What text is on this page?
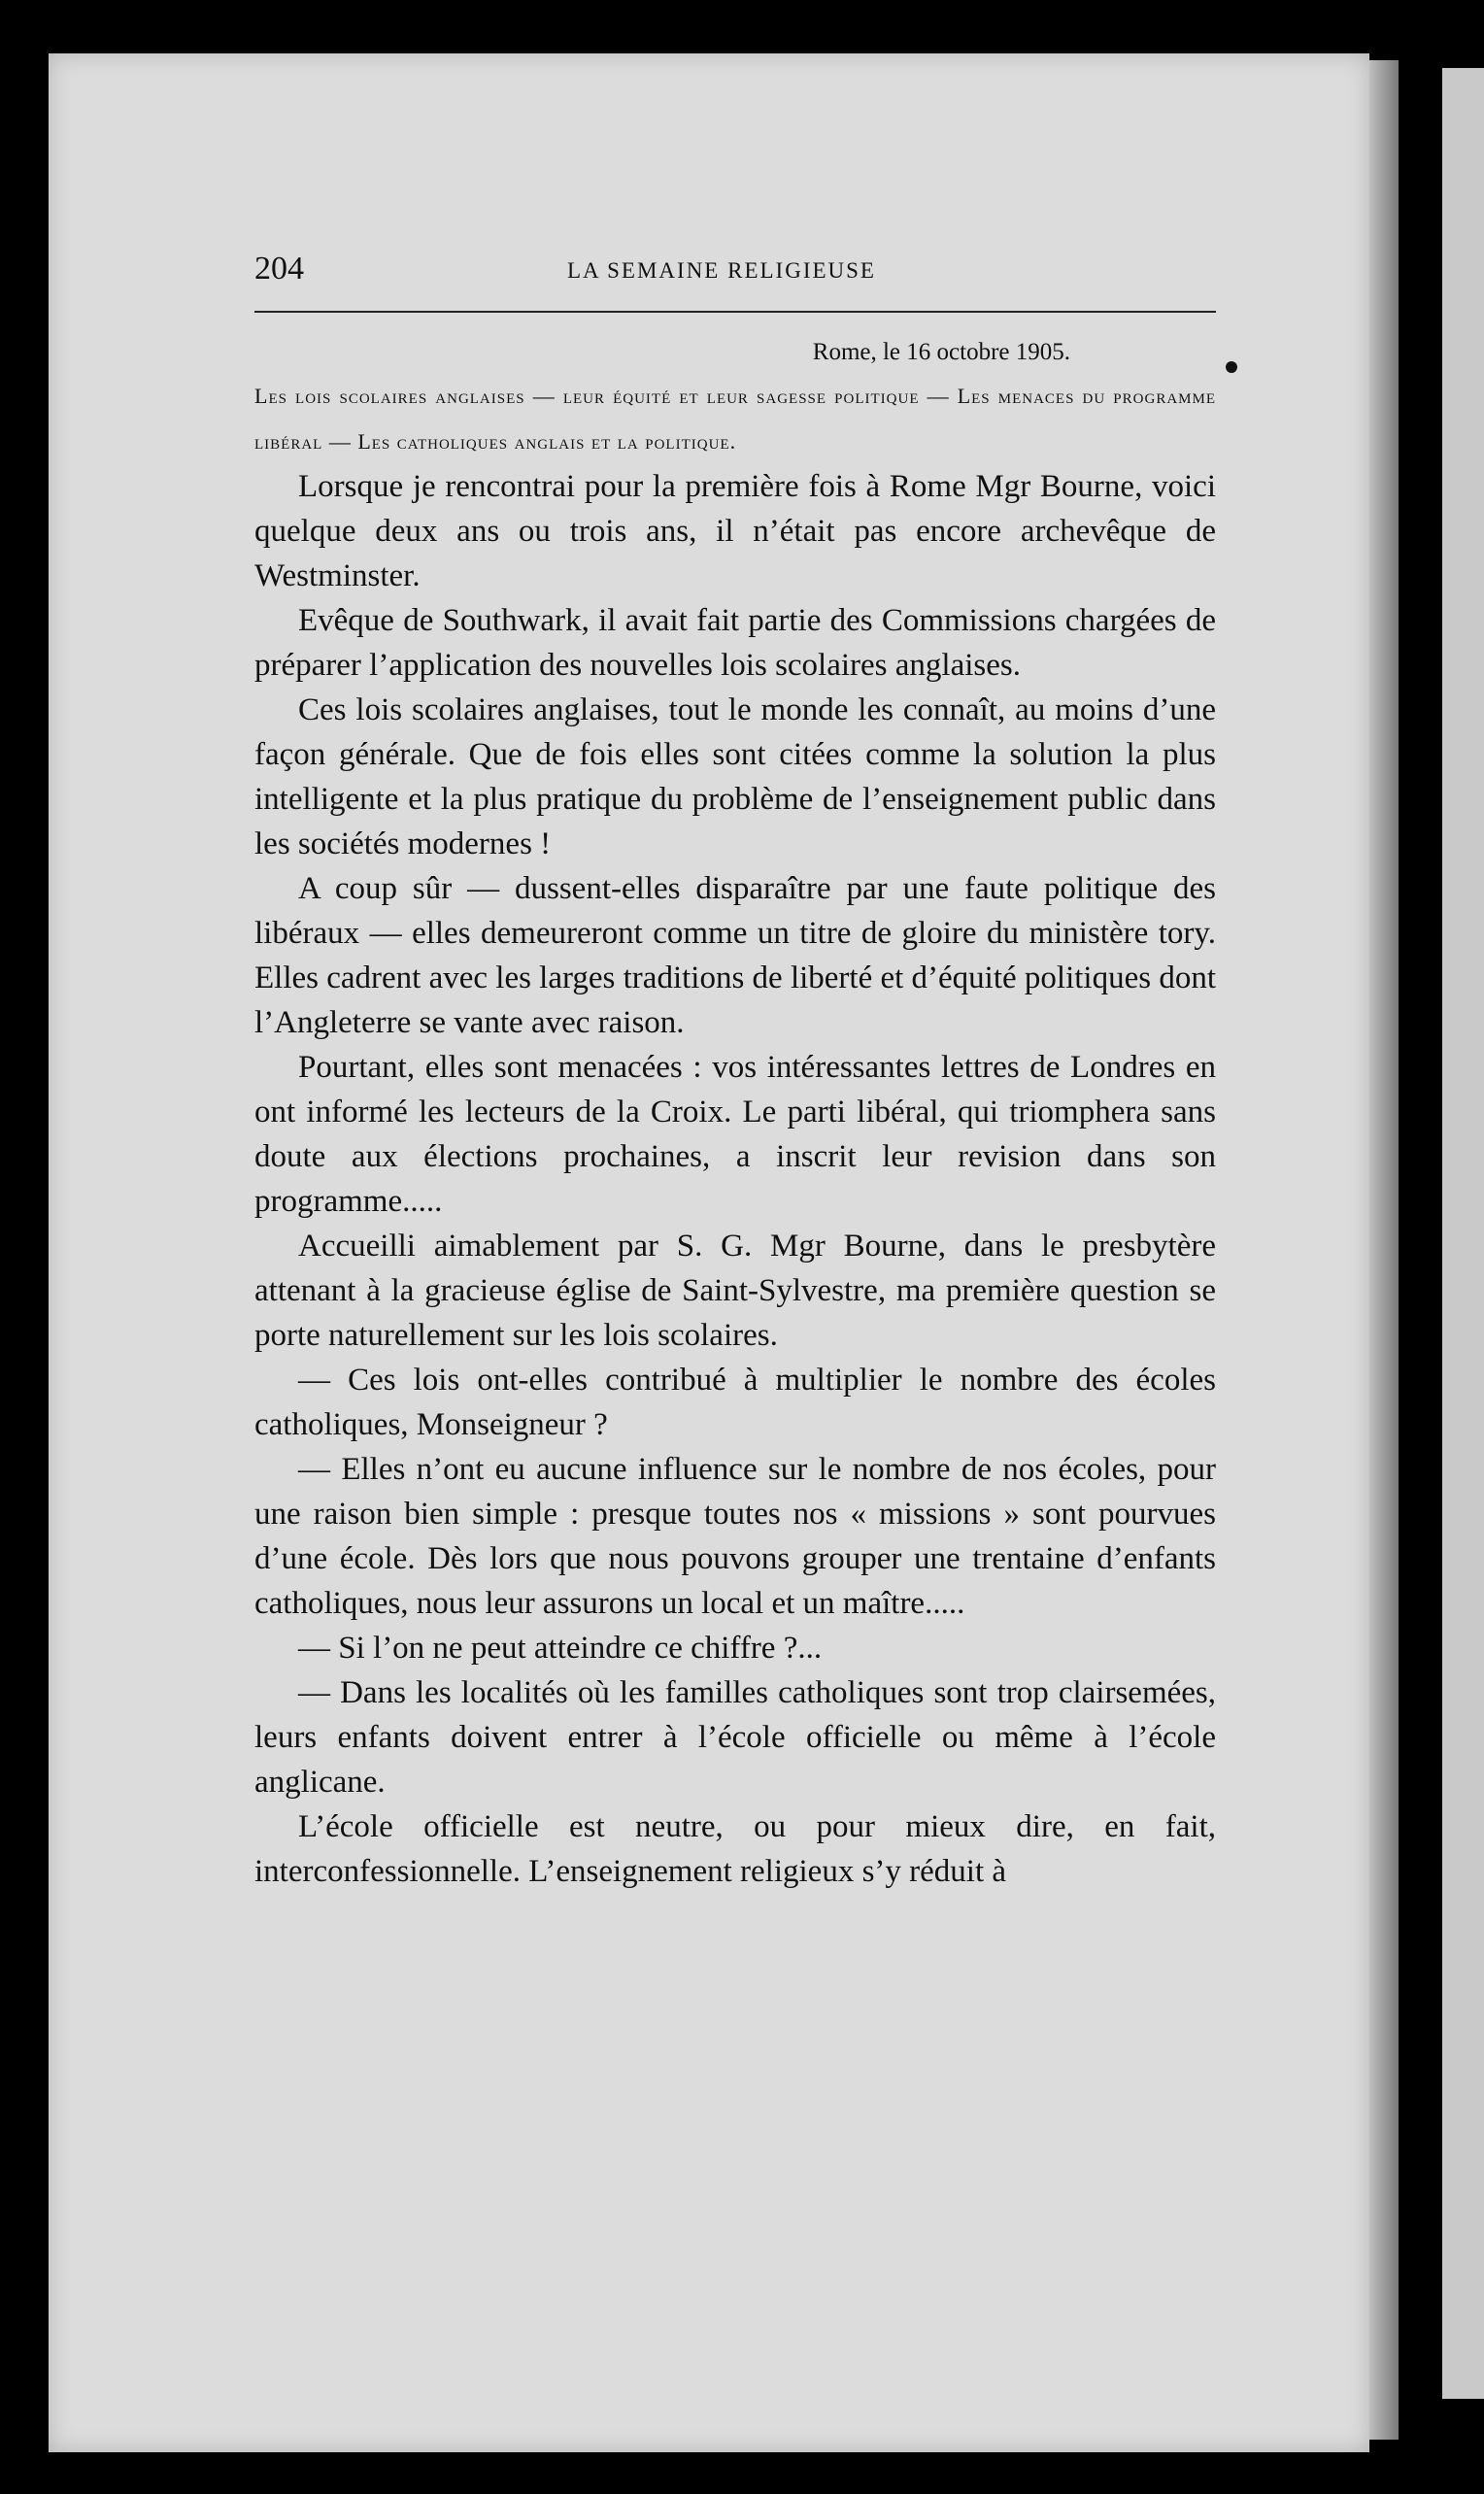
204	LA SEMAINE RELIGIEUSE
Rome, le 16 octobre 1905.

Les lois scolaires anglaises — leur équité et leur sagesse politique — Les menaces du programme libéral — Les catholiques anglais et la politique.

Lorsque je rencontrai pour la première fois à Rome Mgr Bourne, voici quelque deux ans ou trois ans, il n’était pas encore archevêque de Westminster.

Evêque de Southwark, il avait fait partie des Commissions chargées de préparer l’application des nouvelles lois scolaires anglaises.

Ces lois scolaires anglaises, tout le monde les connaît, au moins d’une façon générale. Que de fois elles sont citées comme la solution la plus intelligente et la plus pratique du problème de l’enseignement public dans les sociétés modernes !

A coup sûr — dussent-elles disparaître par une faute politique des libéraux — elles demeureront comme un titre de gloire du ministère tory. Elles cadrent avec les larges traditions de liberté et d’équité politiques dont l’Angleterre se vante avec raison.

Pourtant, elles sont menacées : vos intéressantes lettres de Londres en ont informé les lecteurs de la Croix. Le parti libéral, qui triomphera sans doute aux élections prochaines, a inscrit leur revision dans son programme.....

Accueilli aimablement par S. G. Mgr Bourne, dans le presbytère attenant à la gracieuse église de Saint-Sylvestre, ma première question se porte naturellement sur les lois scolaires.

— Ces lois ont-elles contribué à multiplier le nombre des écoles catholiques, Monseigneur ?

— Elles n’ont eu aucune influence sur le nombre de nos écoles, pour une raison bien simple : presque toutes nos « missions » sont pourvues d’une école. Dès lors que nous pouvons grouper une trentaine d’enfants catholiques, nous leur assurons un local et un maître.....

— Si l’on ne peut atteindre ce chiffre ?...

— Dans les localités où les familles catholiques sont trop clairsemées, leurs enfants doivent entrer à l’école officielle ou même à l’école anglicane.

L’école officielle est neutre, ou pour mieux dire, en fait, interconfessionnelle. L’enseignement religieux s’y réduit à
